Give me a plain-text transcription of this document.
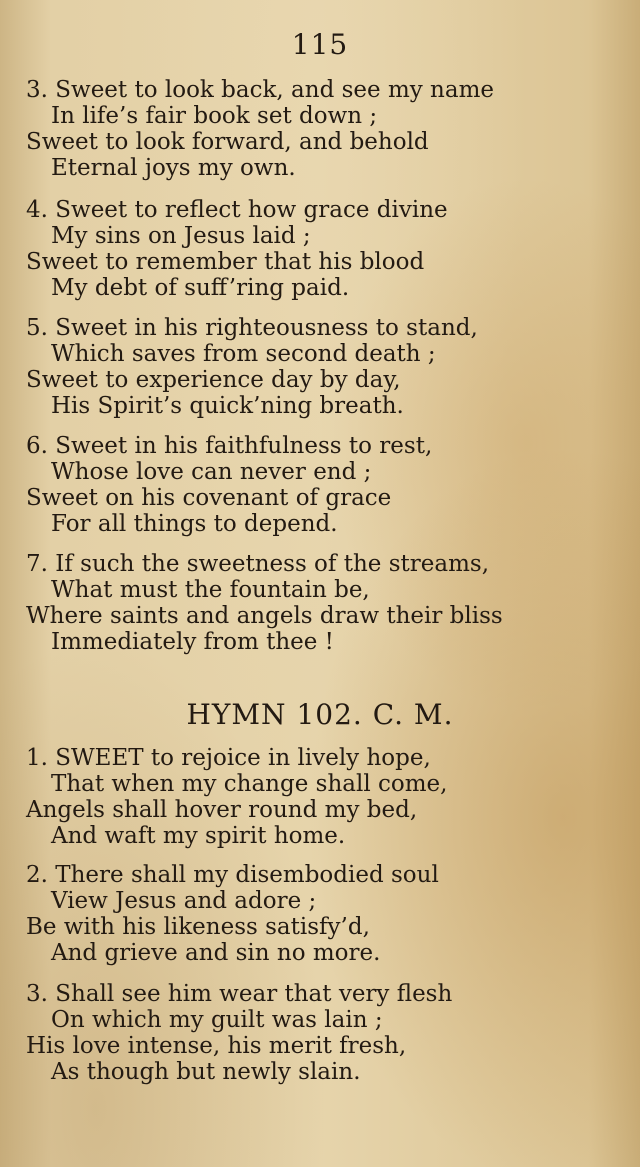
115
3. Sweet to look back, and see my name
In life’s fair book set down ;
Sweet to look forward, and behold
Eternal joys my own.
4. Sweet to reflect how grace divine
My sins on Jesus laid ;
Sweet to remember that his blood
My debt of suff’ring paid.
5. Sweet in his righteousness to stand,
Which saves from second death ;
Sweet to experience day by day,
His Spirit’s quick’ning breath.
6. Sweet in his faithfulness to rest,
Whose love can never end ;
Sweet on his covenant of grace
For all things to depend.
7. If such the sweetness of the streams,
What must the fountain be,
Where saints and angels draw their bliss
Immediately from thee !
HYMN 102. C. M.
1. SWEET to rejoice in lively hope,
That when my change shall come,
Angels shall hover round my bed,
And waft my spirit home.
2. There shall my disembodied soul
View Jesus and adore ;
Be with his likeness satisfy’d,
And grieve and sin no more.
3. Shall see him wear that very flesh
On which my guilt was lain ;
His love intense, his merit fresh,
As though but newly slain.
